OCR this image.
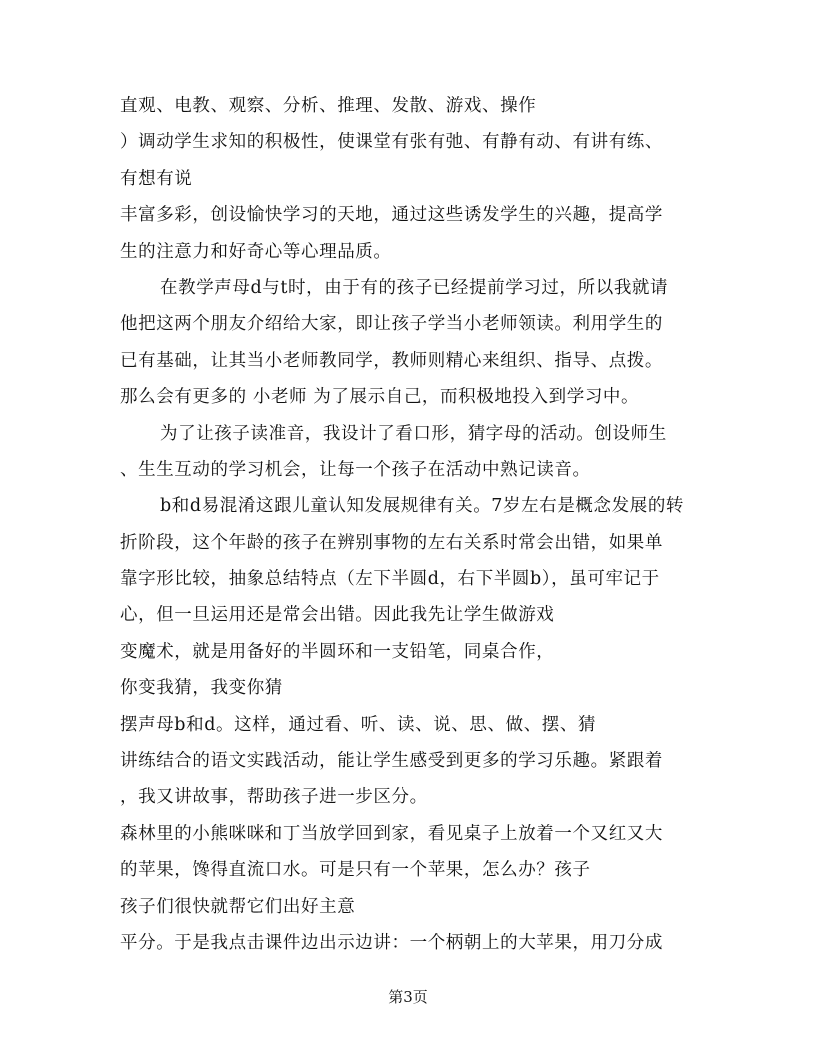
直观、电教、观察、分析、推理、发散、游戏、操作
）调动学生求知的积极性，使课堂有张有弛、有静有动、有讲有练、
有想有说
丰富多彩，创设愉快学习的天地，通过这些诱发学生的兴趣，提高学
生的注意力和好奇心等心理品质。
在教学声母d与t时，由于有的孩子已经提前学习过，所以我就请
他把这两个朋友介绍给大家，即让孩子学当小老师领读。利用学生的
已有基础，让其当小老师教同学，教师则精心来组织、指导、点拨。
那么会有更多的 小老师 为了展示自己，而积极地投入到学习中。
为了让孩子读准音，我设计了看口形，猜字母的活动。创设师生
、生生互动的学习机会，让每一个孩子在活动中熟记读音。
b和d易混淆这跟儿童认知发展规律有关。7岁左右是概念发展的转
折阶段，这个年龄的孩子在辨别事物的左右关系时常会出错，如果单
靠字形比较，抽象总结特点（左下半圆d，右下半圆b），虽可牢记于
心，但一旦运用还是常会出错。因此我先让学生做游戏
变魔术，就是用备好的半圆环和一支铅笔，同桌合作，
你变我猜，我变你猜
摆声母b和d。这样，通过看、听、读、说、思、做、摆、猜
讲练结合的语文实践活动，能让学生感受到更多的学习乐趣。紧跟着
，我又讲故事，帮助孩子进一步区分。
森林里的小熊咪咪和丁当放学回到家，看见桌子上放着一个又红又大
的苹果，馋得直流口水。可是只有一个苹果，怎么办？孩子
孩子们很快就帮它们出好主意
平分。于是我点击课件边出示边讲：一个柄朝上的大苹果，用刀分成
第3页
